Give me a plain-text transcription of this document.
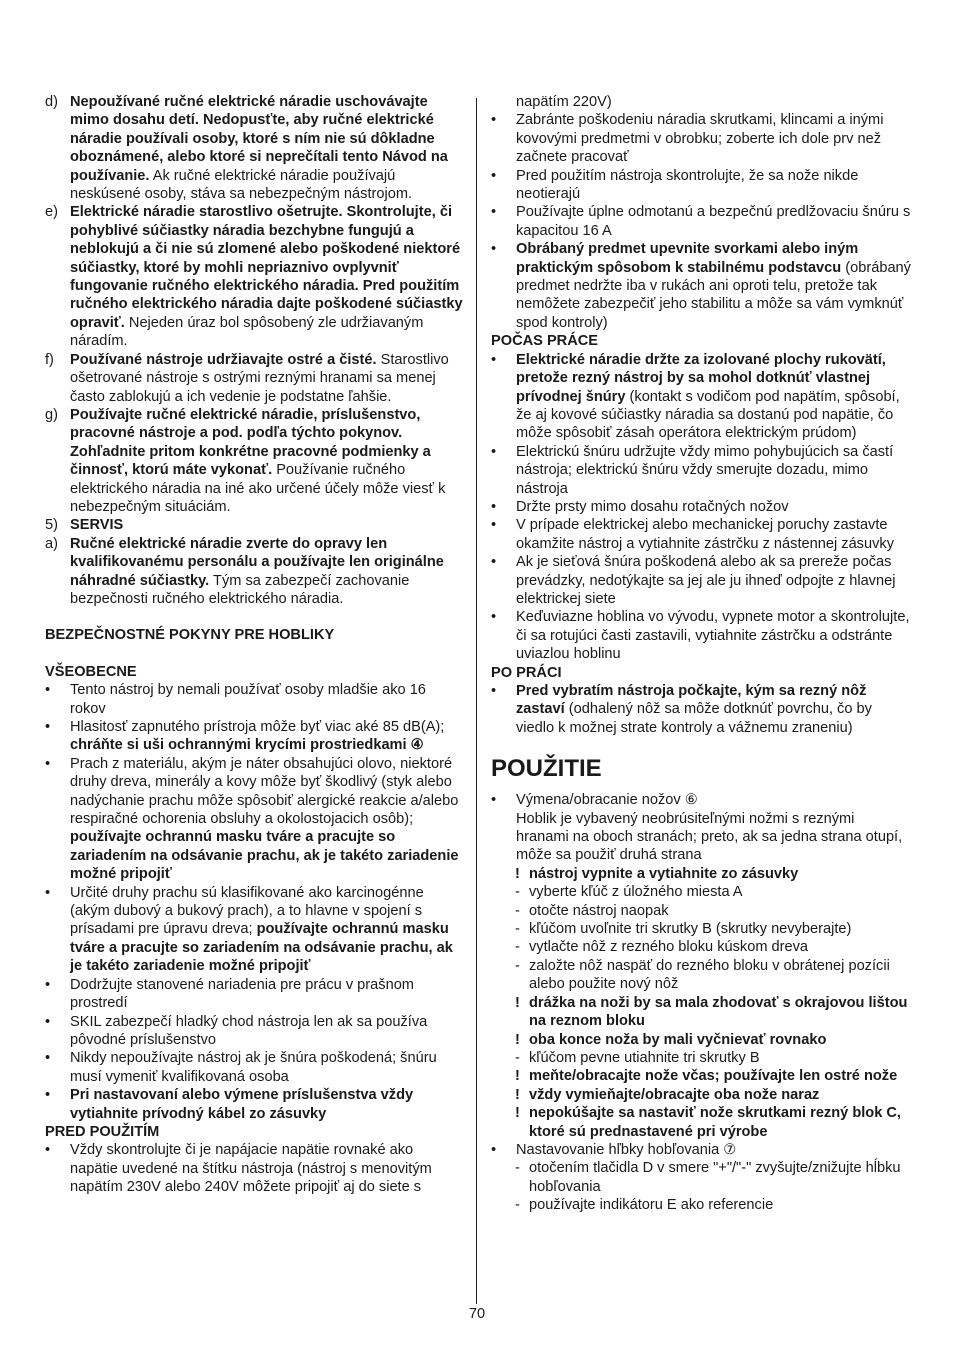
d) Nepoužívané ručné elektrické náradie uschovávajte mimo dosahu detí. Nedopusťte, aby ručné elektrické náradie používali osoby, ktoré s ním nie sú dôkladne oboznámené, alebo ktoré si neprečítali tento Návod na používanie. Ak ručné elektrické náradie používajú neskúsené osoby, stáva sa nebezpečným nástrojom.
e) Elektrické náradie starostlivo ošetrujte. Skontrolujte, či pohyblivé súčiastky náradia bezchybne fungujú a neblokujú a či nie sú zlomené alebo poškodené niektoré súčiastky, ktoré by mohli nepriaznivo ovplyvniť fungovanie ručného elektrického náradia. Pred použitím ručného elektrického náradia dajte poškodené súčiastky opraviť. Nejeden úraz bol spôsobený zle udržiavaným náradím.
f) Používané nástroje udržiavajte ostré a čisté. Starostlivo ošetrované nástroje s ostrými reznými hranami sa menej často zablokujú a ich vedenie je podstatne ľahšie.
g) Používajte ručné elektrické náradie, príslušenstvo, pracovné nástroje a pod. podľa týchto pokynov. Zohľadnite pritom konkrétne pracovné podmienky a činnosť, ktorú máte vykonať. Používanie ručného elektrického náradia na iné ako určené účely môže viesť k nebezpečným situáciám.
5) SERVIS
a) Ručné elektrické náradie zverte do opravy len kvalifikovanému personálu a používajte len originálne náhradné súčiastky. Tým sa zabezpečí zachovanie bezpečnosti ručného elektrického náradia.
BEZPEČNOSTNÉ POKYNY PRE HOBLIKY
VŠEOBECNE
• Tento nástroj by nemali používať osoby mladšie ako 16 rokov
• Hlasitosť zapnutého prístroja môže byť viac aké 85 dB(A); chráňte si uši ochrannými krycími prostriedkami ④
• Prach z materiálu, akým je náter obsahujúci olovo, niektoré druhy dreva, minerály a kovy môže byť škodlivý (styk alebo nadýchanie prachu môže spôsobiť alergické reakcie a/alebo respiračné ochorenia obsluhy a okolostojacich osôb); používajte ochrannú masku tváre a pracujte so zariadením na odsávanie prachu, ak je takéto zariadenie možné pripojiť
• Určité druhy prachu sú klasifikované ako karcinogénne (akým dubový a bukový prach), a to hlavne v spojení s prísadami pre úpravu dreva; používajte ochrannú masku tváre a pracujte so zariadením na odsávanie prachu, ak je takéto zariadenie možné pripojiť
• Dodržujte stanovené nariadenia pre prácu v prašnom prostredí
• SKIL zabezpečí hladký chod nástroja len ak sa používa pôvodné príslušenstvo
• Nikdy nepoužívajte nástroj ak je šnúra poškodená; šnúru musí vymeniť kvalifikovaná osoba
• Pri nastavovaní alebo výmene príslušenstva vždy vytiahnite prívodný kábel zo zásuvky
PRED POUŽITÍM
• Vždy skontrolujte či je napájacie napätie rovnaké ako napätie uvedené na štítku nástroja (nástroj s menovitým napätím 230V alebo 240V môžete pripojiť aj do siete s
napätím 220V)
• Zabránte poškodeniu náradia skrutkami, klincami a inými kovovými predmetmi v obrobku; zoberte ich dole prv než začnete pracovať
• Pred použitím nástroja skontrolujte, že sa nože nikde neotierajú
• Používajte úplne odmotanú a bezpečnú predlžovaciu šnúru s kapacitou 16 A
• Obrábaný predmet upevnite svorkami alebo iným praktickým spôsobom k stabilnému podstavcu (obrábaný predmet nedržte iba v rukách ani oproti telu, pretože tak nemôžete zabezpečiť jeho stabilitu a môže sa vám vymknúť spod kontroly)
POČAS PRÁCE
• Elektrické náradie držte za izolované plochy rukovätí, pretože rezný nástroj by sa mohol dotknúť vlastnej prívodnej šnúry (kontakt s vodičom pod napätím, spôsobí, že aj kovové súčiastky náradia sa dostanú pod napätie, čo môže spôsobiť zásah operátora elektrickým prúdom)
• Elektrickú šnúru udržujte vždy mimo pohybujúcich sa častí nástroja; elektrickú šnúru vždy smerujte dozadu, mimo nástroja
• Držte prsty mimo dosahu rotačných nožov
• V prípade elektrickej alebo mechanickej poruchy zastavte okamžite nástroj a vytiahnite zástrčku z nástennej zásuvky
• Ak je sieťová šnúra poškodená alebo ak sa prereže počas prevádzky, nedotýkajte sa jej ale ju ihneď odpojte z hlavnej elektrickej siete
• Keďuviazne hoblina vo vývodu, vypnete motor a skontrolujte, či sa rotujúci časti zastavili, vytiahnite zástrčku a odstránte uviazlou hoblinu
PO PRÁCI
• Pred vybratím nástroja počkajte, kým sa rezný nôž zastaví (odhalený nôž sa môže dotknúť povrchu, čo by viedlo k možnej strate kontroly a vážnemu zraneniu)
POUŽITIE
• Výmena/obracanie nožov ⑥
Hoblik je vybavený neobrúsiteľnými nožmi s reznými hranami na oboch stranách; preto, ak sa jedna strana otupí, môže sa použiť druhá strana
! nástroj vypnite a vytiahnite zo zásuvky
- vyberte kľúč z úložného miesta A
- otočte nástroj naopak
- kľúčom uvoľnite tri skrutky B (skrutky nevyberajte)
- vytlačte nôž z rezného bloku kúskom dreva
- založte nôž naspäť do rezného bloku v obrátenej pozícii alebo použite nový nôž
! drážka na noži by sa mala zhodovať s okrajovou lištou na reznom bloku
! oba konce noža by mali vyčnievať rovnako
- kľúčom pevne utiahnite tri skrutky B
! meňte/obracajte nože včas; používajte len ostré nože
! vždy vymieňajte/obracajte oba nože naraz
! nepokúšajte sa nastaviť nože skrutkami rezný blok C, ktoré sú prednastavené pri výrobe
• Nastavovanie hľbky hobľovania ⑦
- otočením tlačidla D v smere "+"/"-" zvyšujte/znižujte hĺbku hobľovania
- používajte indikátoru E ako referencie
70
